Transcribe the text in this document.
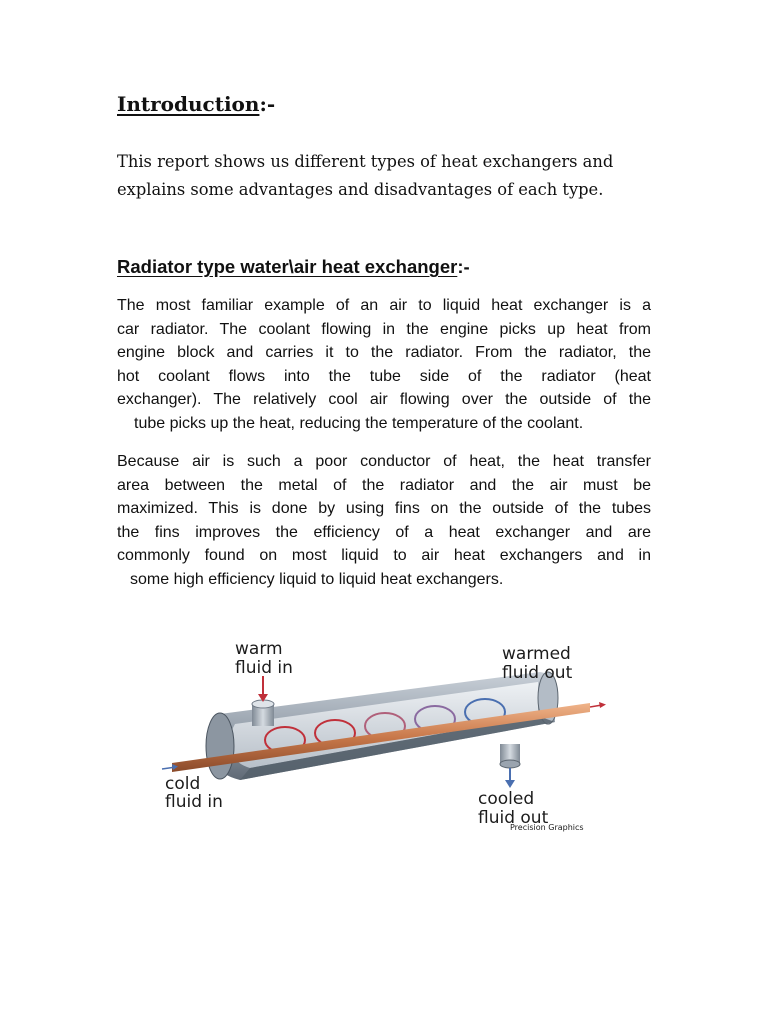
Introduction:-

This report shows us different types of heat exchangers and
explains some advantages and disadvantages of each type.

Radiator type water\air heat exchanger:-

The most familiar example of an air to liquid heat exchanger is a
car radiator. The coolant flowing in the engine picks up heat from
engine block and carries it to the radiator. From the radiator, the
hot coolant flows into the tube side of the radiator (heat
exchanger). The relatively cool air flowing over the outside of the
tube picks up the heat, reducing the temperature of the coolant.

Because air is such a poor conductor of heat, the heat transfer
area between the metal of the radiator and the air must be
maximized. This is done by using fins on the outside of the tubes
the fins improves the efficiency of a heat exchanger and are
commonly found on most liquid to air heat exchangers and in
some high efficiency liquid to liquid heat exchangers.

warm
fluid in
warmed
fluid out
cold
fluid in	cooled
fluid out
Precision Graphics
